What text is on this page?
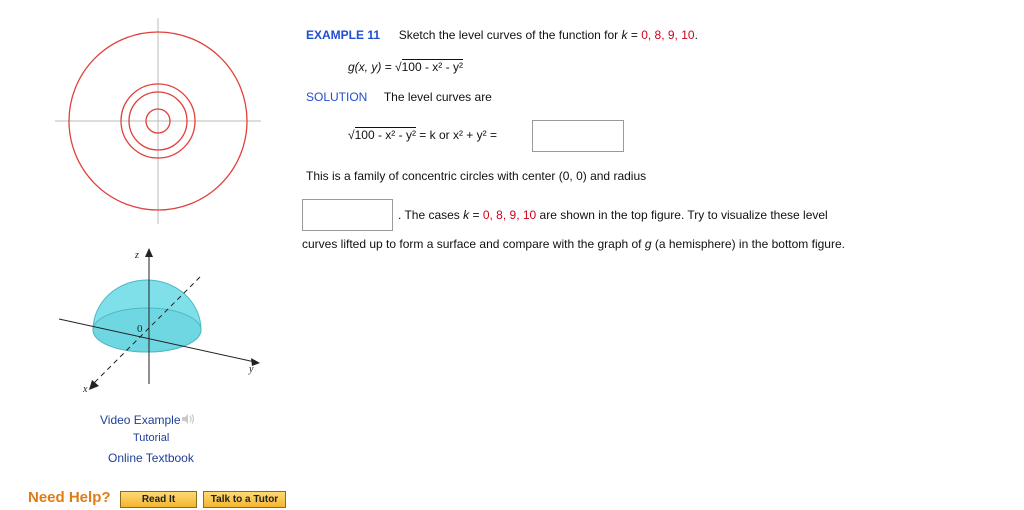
z
y
x
0
Video Example
Tutorial
Online Textbook
Need Help?	Read It	Talk to a Tutor
EXAMPLE 11 Sketch the level curves of the function for k = 0, 8, 9, 10.
g(x, y) = √100 - x² - y²
SOLUTION The level curves are
√100 - x² - y² = k or x² + y² =
This is a family of concentric circles with center (0, 0) and radius
. The cases k = 0, 8, 9, 10 are shown in the top figure. Try to visualize these level
curves lifted up to form a surface and compare with the graph of g (a hemisphere) in the bottom figure.
